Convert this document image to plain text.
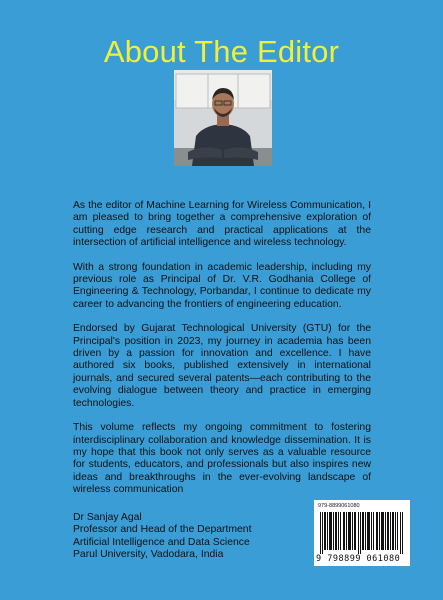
About The Editor

As the editor of Machine Learning for Wireless Communication, I am pleased to bring together a comprehensive exploration of cutting edge research and practical applications at the intersection of artificial intelligence and wireless technology.

With a strong foundation in academic leadership, including my previous role as Principal of Dr. V.R. Godhania College of Engineering & Technology, Porbandar, I continue to dedicate my career to advancing the frontiers of engineering education.

Endorsed by Gujarat Technological University (GTU) for the Principal's position in 2023, my journey in academia has been driven by a passion for innovation and excellence. I have authored six books, published extensively in international journals, and secured several patents—each contributing to the evolving dialogue between theory and practice in emerging technologies.

This volume reflects my ongoing commitment to fostering interdisciplinary collaboration and knowledge dissemination. It is my hope that this book not only serves as a valuable resource for students, educators, and professionals but also inspires new ideas and breakthroughs in the ever-evolving landscape of wireless communication

Dr Sanjay Agal
Professor and Head of the Department
Artificial Intelligence and Data Science
Parul University, Vadodara, India
979-8899061080
9 798899 061080
